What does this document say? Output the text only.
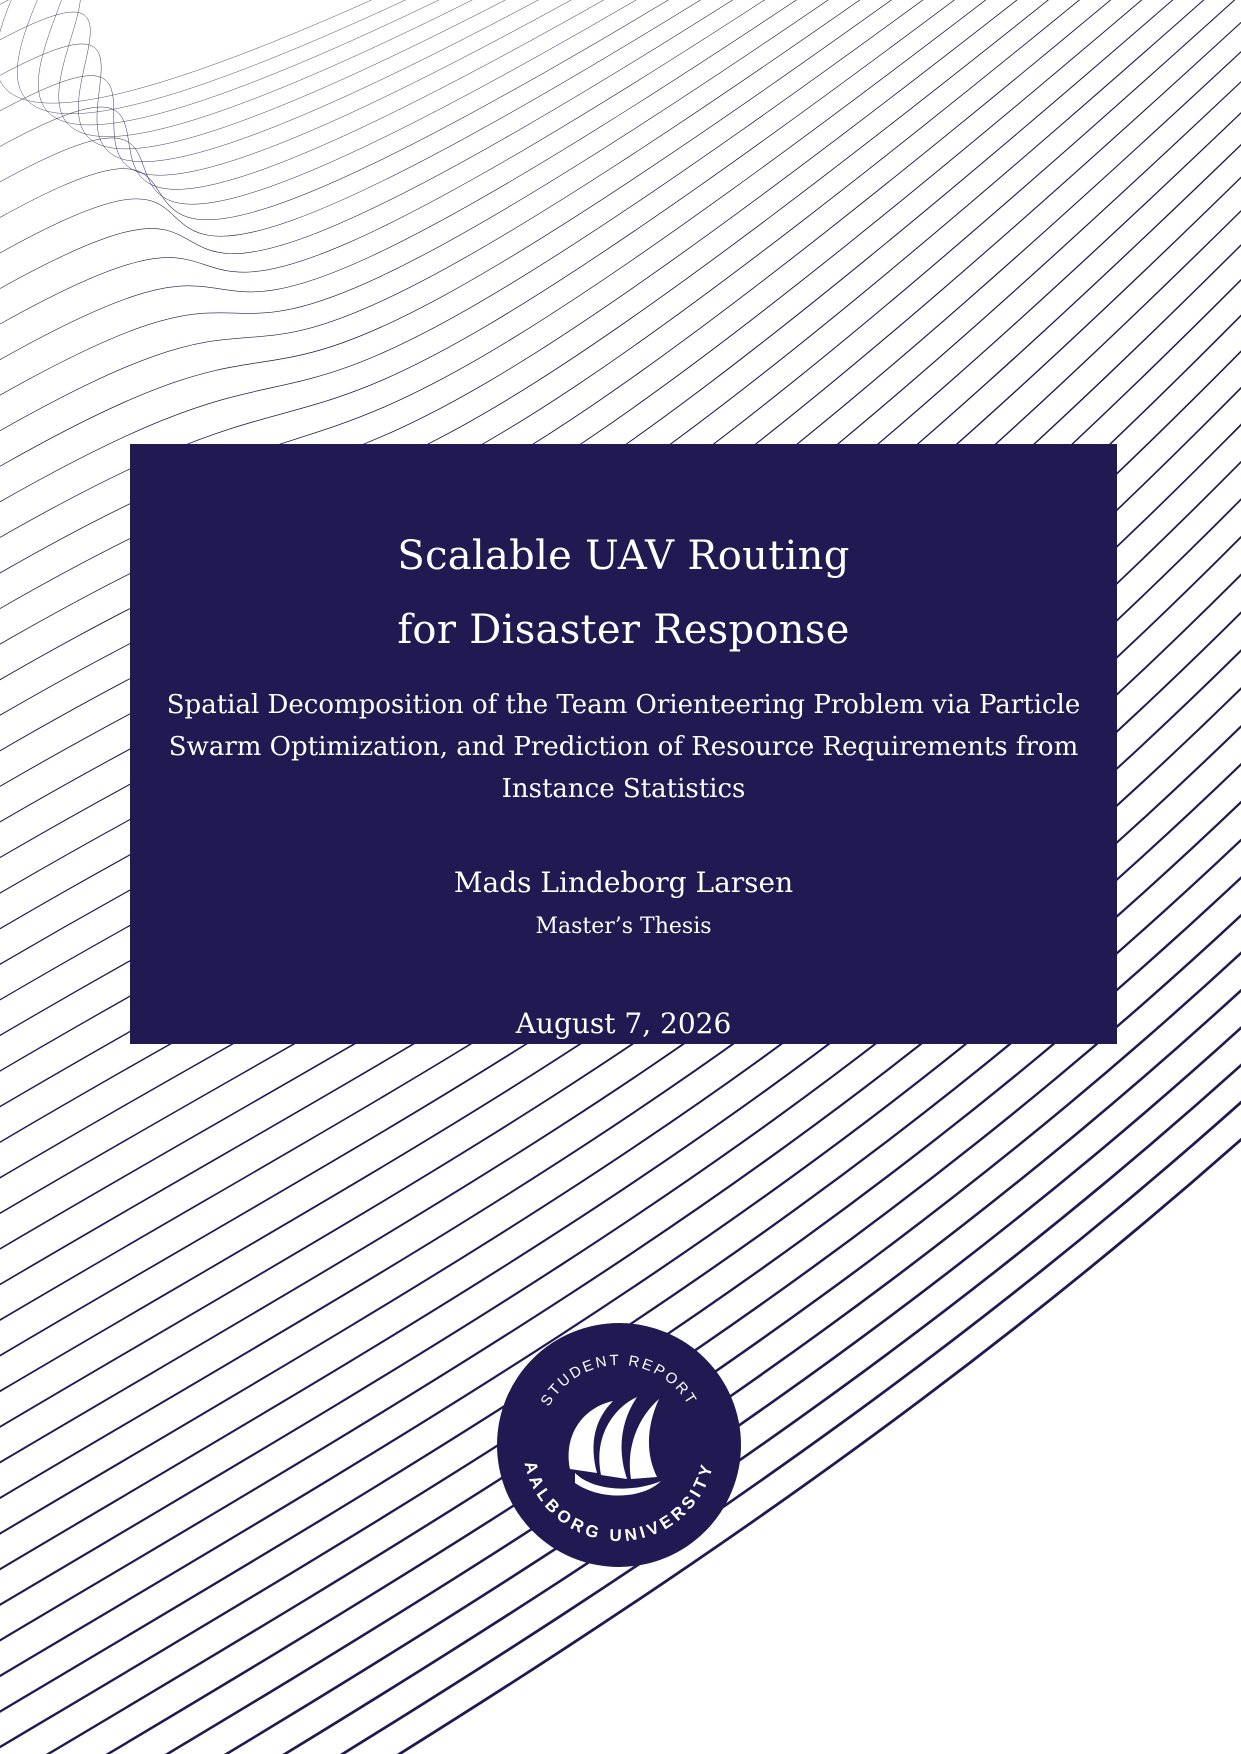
Scalable UAV Routing
for Disaster Response
Spatial Decomposition of the Team Orienteering Problem via Particle Swarm Optimization, and Prediction of Resource Requirements from Instance Statistics
Mads Lindeborg Larsen
Master’s Thesis
August 7, 2026
STUDENT REPORT
AALBORG UNIVERSITY
